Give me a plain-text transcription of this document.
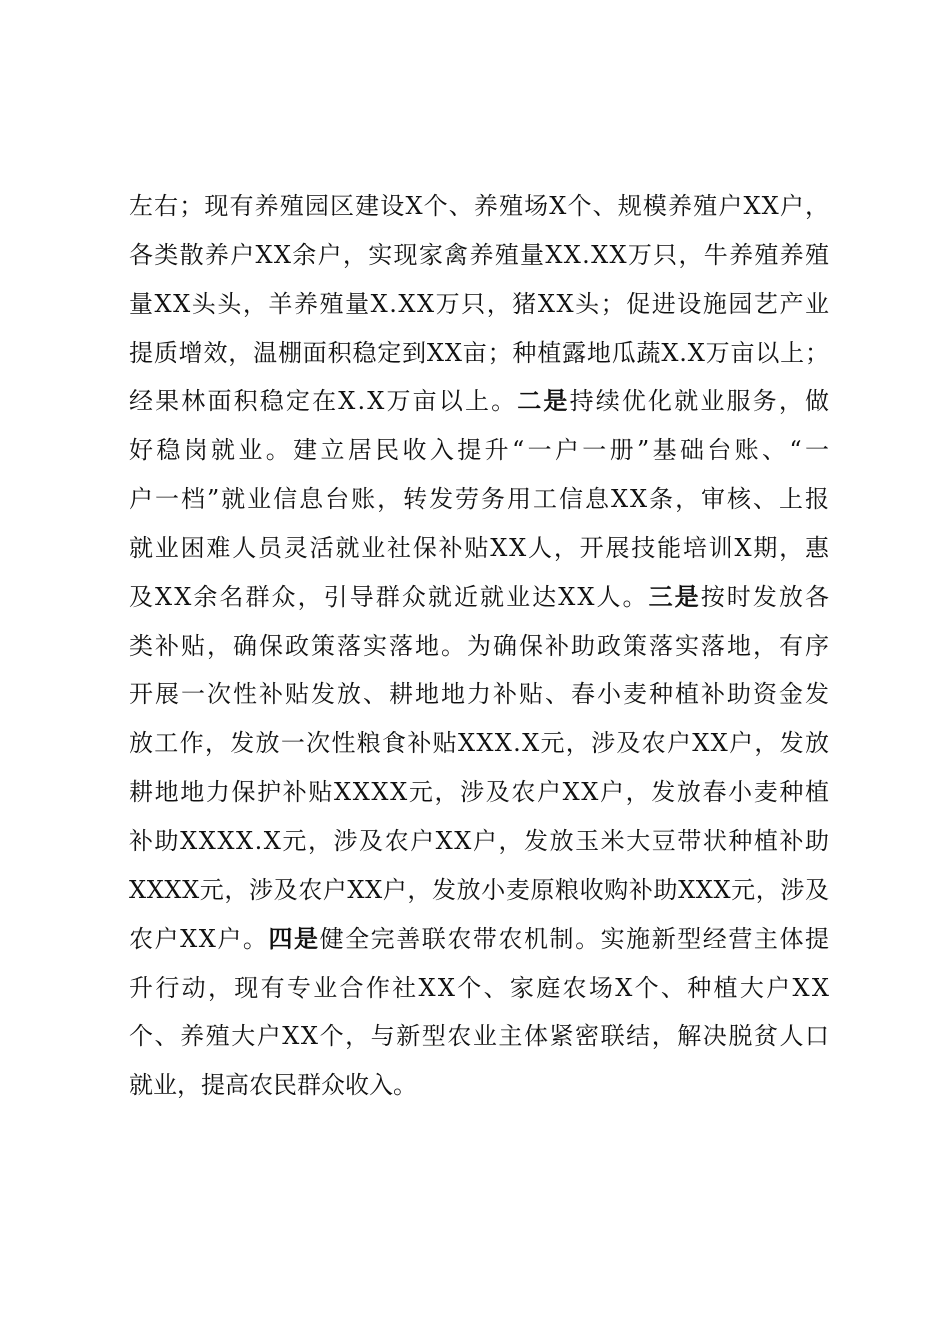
左右；现有养殖园区建设X个、养殖场X个、规模养殖户XX户，
各类散养户XX余户，实现家禽养殖量XX.XX万只，牛养殖养殖
量XX头头，羊养殖量X.XX万只，猪XX头；促进设施园艺产业
提质增效，温棚面积稳定到XX亩；种植露地瓜蔬X.X万亩以上；
经果林面积稳定在X.X万亩以上。二是持续优化就业服务，做
好稳岗就业。建立居民收入提升“一户一册”基础台账、“一
户一档”就业信息台账，转发劳务用工信息XX条，审核、上报
就业困难人员灵活就业社保补贴XX人，开展技能培训X期，惠
及XX余名群众，引导群众就近就业达XX人。三是按时发放各
类补贴，确保政策落实落地。为确保补助政策落实落地，有序
开展一次性补贴发放、耕地地力补贴、春小麦种植补助资金发
放工作，发放一次性粮食补贴XXX.X元，涉及农户XX户，发放
耕地地力保护补贴XXXX元，涉及农户XX户，发放春小麦种植
补助XXXX.X元，涉及农户XX户，发放玉米大豆带状种植补助
XXXX元，涉及农户XX户，发放小麦原粮收购补助XXX元，涉及
农户XX户。四是健全完善联农带农机制。实施新型经营主体提
升行动，现有专业合作社XX个、家庭农场X个、种植大户XX
个、养殖大户XX个，与新型农业主体紧密联结，解决脱贫人口
就业，提高农民群众收入。
